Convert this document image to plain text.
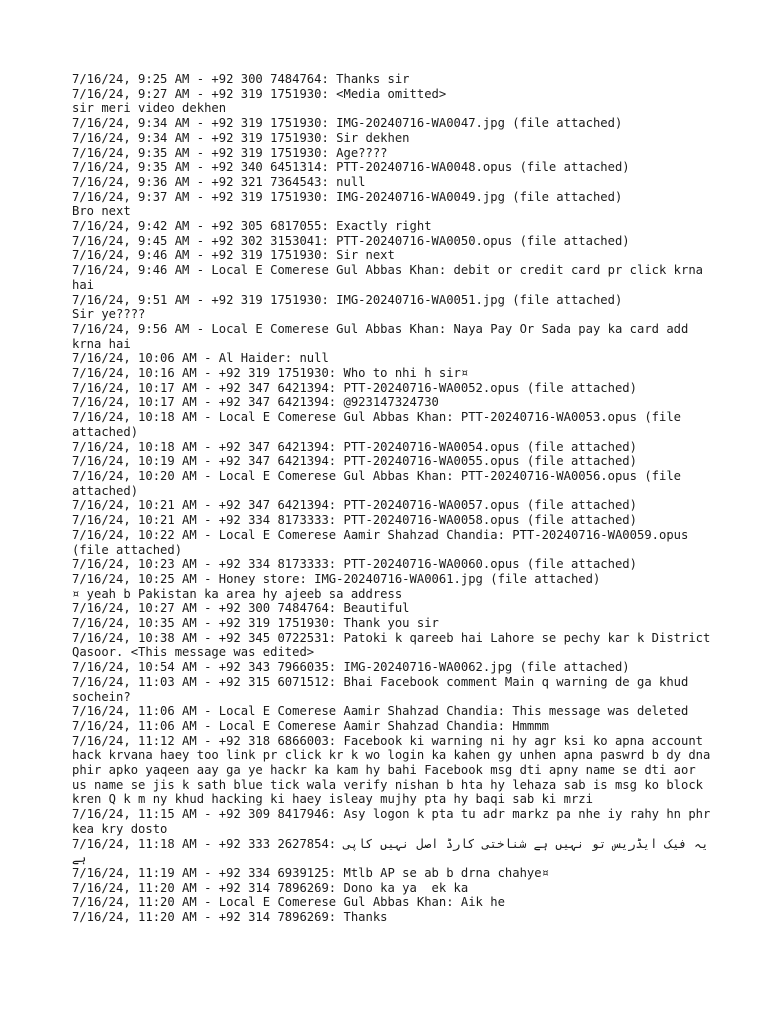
7/16/24, 9:25 AM - +92 300 7484764: Thanks sir
7/16/24, 9:27 AM - +92 319 1751930: <Media omitted>
sir meri video dekhen
7/16/24, 9:34 AM - +92 319 1751930: IMG-20240716-WA0047.jpg (file attached)
7/16/24, 9:34 AM - +92 319 1751930: Sir dekhen
7/16/24, 9:35 AM - +92 319 1751930: Age????
7/16/24, 9:35 AM - +92 340 6451314: PTT-20240716-WA0048.opus (file attached)
7/16/24, 9:36 AM - +92 321 7364543: null
7/16/24, 9:37 AM - +92 319 1751930: IMG-20240716-WA0049.jpg (file attached)
Bro next
7/16/24, 9:42 AM - +92 305 6817055: Exactly right
7/16/24, 9:45 AM - +92 302 3153041: PTT-20240716-WA0050.opus (file attached)
7/16/24, 9:46 AM - +92 319 1751930: Sir next
7/16/24, 9:46 AM - Local E Comerese Gul Abbas Khan: debit or credit card pr click krna hai
7/16/24, 9:51 AM - +92 319 1751930: IMG-20240716-WA0051.jpg (file attached)
Sir ye????
7/16/24, 9:56 AM - Local E Comerese Gul Abbas Khan: Naya Pay Or Sada pay ka card add krna hai
7/16/24, 10:06 AM - Al Haider: null
7/16/24, 10:16 AM - +92 319 1751930: Who to nhi h sir¤
7/16/24, 10:17 AM - +92 347 6421394: PTT-20240716-WA0052.opus (file attached)
7/16/24, 10:17 AM - +92 347 6421394: @923147324730
7/16/24, 10:18 AM - Local E Comerese Gul Abbas Khan: PTT-20240716-WA0053.opus (file attached)
7/16/24, 10:18 AM - +92 347 6421394: PTT-20240716-WA0054.opus (file attached)
7/16/24, 10:19 AM - +92 347 6421394: PTT-20240716-WA0055.opus (file attached)
7/16/24, 10:20 AM - Local E Comerese Gul Abbas Khan: PTT-20240716-WA0056.opus (file attached)
7/16/24, 10:21 AM - +92 347 6421394: PTT-20240716-WA0057.opus (file attached)
7/16/24, 10:21 AM - +92 334 8173333: PTT-20240716-WA0058.opus (file attached)
7/16/24, 10:22 AM - Local E Comerese Aamir Shahzad Chandia: PTT-20240716-WA0059.opus (file attached)
7/16/24, 10:23 AM - +92 334 8173333: PTT-20240716-WA0060.opus (file attached)
7/16/24, 10:25 AM - Honey store: IMG-20240716-WA0061.jpg (file attached)
¤ yeah b Pakistan ka area hy ajeeb sa address
7/16/24, 10:27 AM - +92 300 7484764: Beautiful
7/16/24, 10:35 AM - +92 319 1751930: Thank you sir
7/16/24, 10:38 AM - +92 345 0722531: Patoki k qareeb hai Lahore se pechy kar k District Qasoor. <This message was edited>
7/16/24, 10:54 AM - +92 343 7966035: IMG-20240716-WA0062.jpg (file attached)
7/16/24, 11:03 AM - +92 315 6071512: Bhai Facebook comment Main q warning de ga khud sochein?
7/16/24, 11:06 AM - Local E Comerese Aamir Shahzad Chandia: This message was deleted
7/16/24, 11:06 AM - Local E Comerese Aamir Shahzad Chandia: Hmmmm
7/16/24, 11:12 AM - +92 318 6866003: Facebook ki warning ni hy agr ksi ko apna account hack krvana haey too link pr click kr k wo login ka kahen gy unhen apna paswrd b dy dna phir apko yaqeen aay ga ye hackr ka kam hy bahi Facebook msg dti apny name se dti aor us name se jis k sath blue tick wala verify nishan b hta hy lehaza sab is msg ko block kren Q k m ny khud hacking ki haey isleay mujhy pta hy baqi sab ki mrzi
7/16/24, 11:15 AM - +92 309 8417946: Asy logon k pta tu adr markz pa nhe iy rahy hn phr kea kry dosto
7/16/24, 11:18 AM - +92 333 2627854: یہ فیک ایڈریس تو نہیں ہے شناختی کارڈ اصل نہیں کاپی ہے
7/16/24, 11:19 AM - +92 334 6939125: Mtlb AP se ab b drna chahye¤
7/16/24, 11:20 AM - +92 314 7896269: Dono ka ya  ek ka
7/16/24, 11:20 AM - Local E Comerese Gul Abbas Khan: Aik he
7/16/24, 11:20 AM - +92 314 7896269: Thanks
